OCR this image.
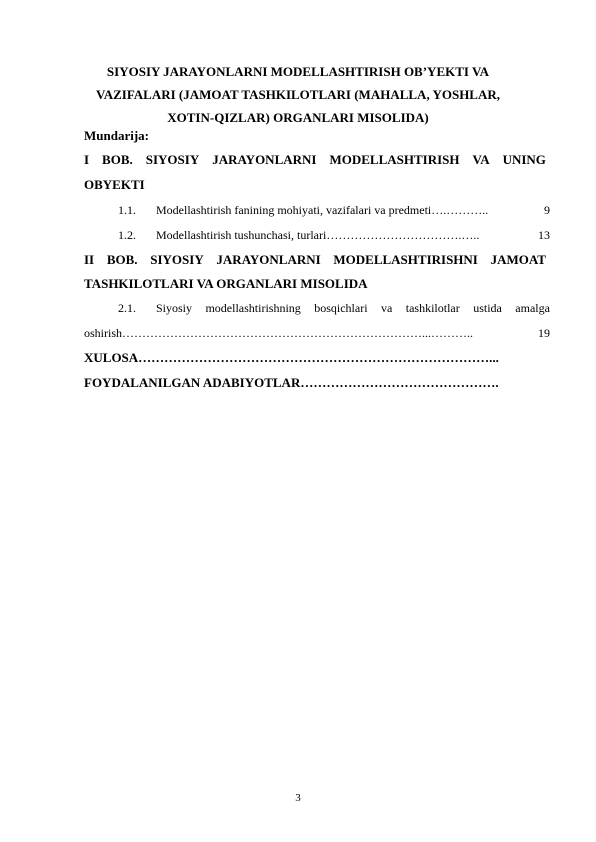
SIYOSIY JARAYONLARNI MODELLASHTIRISH OB’YEKTI VA
VAZIFALARI (JAMOAT TASHKILOTLARI (MAHALLA, YOSHLAR,
XOTIN-QIZLAR) ORGANLARI MISOLIDA)
Mundarija:
I BOB. SIYOSIY JARAYONLARNI MODELLASHTIRISH VA UNING
OBYEKTI
1.1.	Modellashtirish fanining mohiyati, vazifalari va predmeti ….………..	9
1.2.	Modellashtirish tushunchasi, turlari …………………………….…..	13
II BOB. SIYOSIY JARAYONLARNI MODELLASHTIRISHNI JAMOAT
TASHKILOTLARI VA ORGANLARI MISOLIDA
2.1.	Siyosiy modellashtirishning bosqichlari va tashkilotlar ustida amalga
oshirish …………………………………………………………………...………..	19
XULOSA………………………………………………………………………...
FOYDALANILGAN ADABIYOTLAR……………………………………….
3
